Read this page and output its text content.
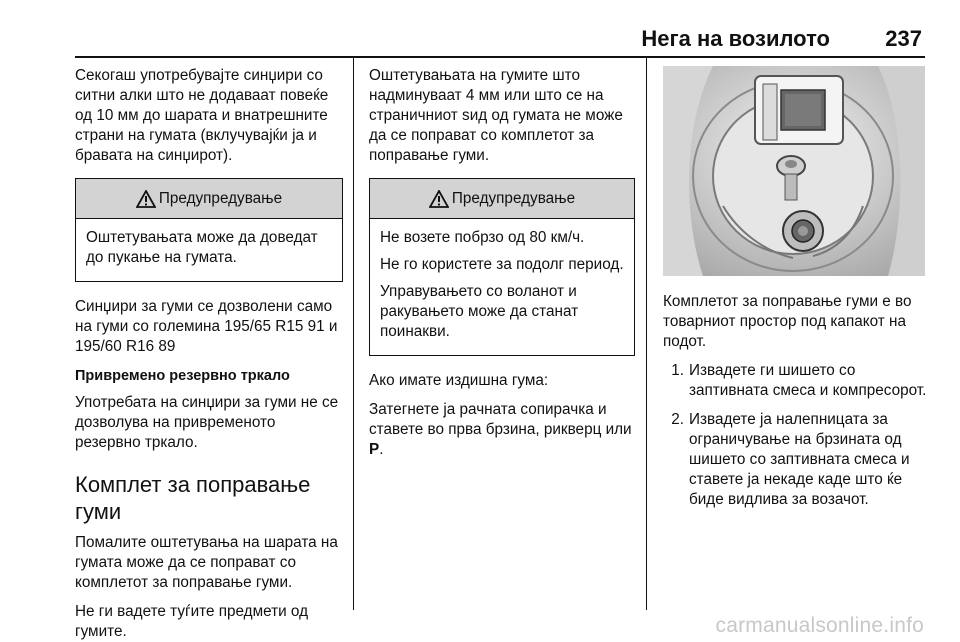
Нега на возилото	237
Секогаш употребувајте синџири со ситни алки што не додаваат повеќе од 10 мм до шарата и внатрешните страни на гумата (вклучувајќи ја и бравата на синџирот).
Предупредување
Оштетувањата може да доведат до пукање на гумата.
Синџири за гуми се дозволени само на гуми со големина 195/65 R15 91 и 195/60 R16 89
Привремено резервно тркало
Употребата на синџири за гуми не се дозволува на привременото резервно тркало.
Комплет за поправање гуми
Помалите оштетувања на шарата на гумата може да се поправат со комплетот за поправање гуми.
Не ги вадете туѓите предмети од гумите.
Оштетувањата на гумите што надминуваат 4 мм или што се на страничниот sид од гумата не може да се поправат со комплетот за поправање гуми.
Предупредување
Не возете побрзо од 80 км/ч.
Не го користете за подолг период.
Управувањето со воланот и ракувањето може да станат поинакви.
Ако имате издишна гума:
Затегнете ја рачната сопирачка и ставете во прва брзина, рикверц или P.
Комплетот за поправање гуми е во товарниот простор под капакот на подот.
1. Извадете ги шишето со заптивната смеса и компресорот.
2. Извадете ја налепницата за ограничување на брзината од шишето со заптивната смеса и ставете ја некаде каде што ќе биде видлива за возачот.
carmanualsonline.info
